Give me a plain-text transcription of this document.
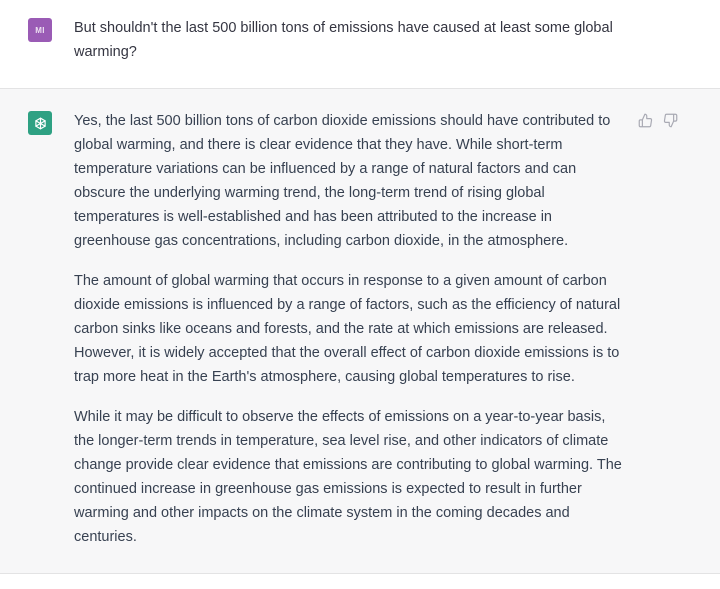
MI But shouldn't the last 500 billion tons of emissions have caused at least some global warming?

Yes, the last 500 billion tons of carbon dioxide emissions should have contributed to global warming, and there is clear evidence that they have. While short-term temperature variations can be influenced by a range of natural factors and can obscure the underlying warming trend, the long-term trend of rising global temperatures is well-established and has been attributed to the increase in greenhouse gas concentrations, including carbon dioxide, in the atmosphere.

The amount of global warming that occurs in response to a given amount of carbon dioxide emissions is influenced by a range of factors, such as the efficiency of natural carbon sinks like oceans and forests, and the rate at which emissions are released. However, it is widely accepted that the overall effect of carbon dioxide emissions is to trap more heat in the Earth's atmosphere, causing global temperatures to rise.

While it may be difficult to observe the effects of emissions on a year-to-year basis, the longer-term trends in temperature, sea level rise, and other indicators of climate change provide clear evidence that emissions are contributing to global warming. The continued increase in greenhouse gas emissions is expected to result in further warming and other impacts on the climate system in the coming decades and centuries.
